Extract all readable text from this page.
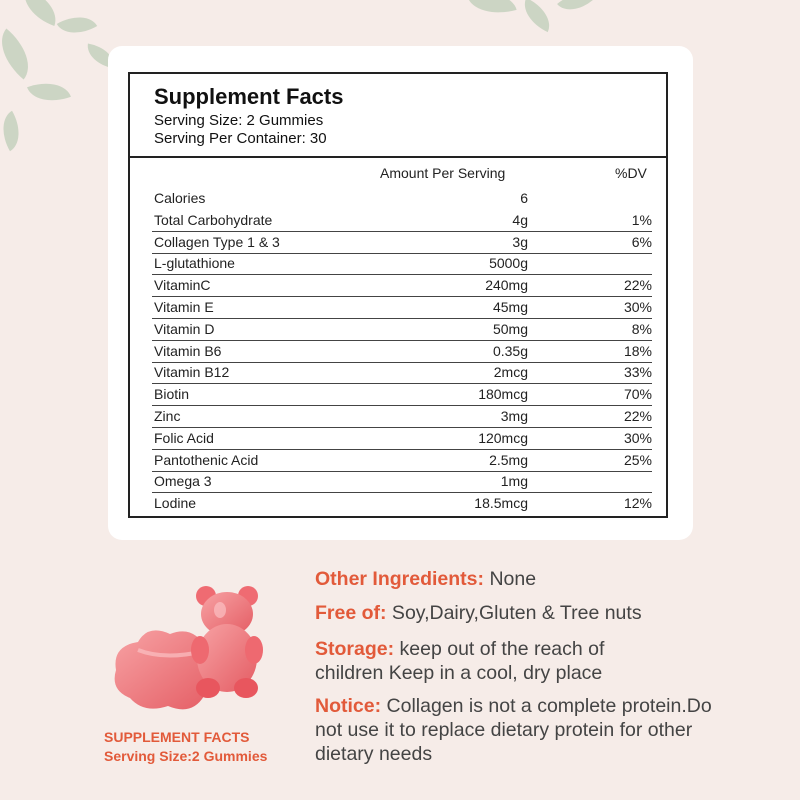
Supplement Facts
Serving Size: 2 Gummies
Serving Per Container: 30
Amount Per Serving	%DV
Calories	6
Total Carbohydrate	4g	1%
Collagen Type 1 & 3	3g	6%
L-glutathione	5000g
VitaminC	240mg	22%
Vitamin E	45mg	30%
Vitamin D	50mg	8%
Vitamin B6	0.35g	18%
Vitamin B12	2mcg	33%
Biotin	180mcg	70%
Zinc	3mg	22%
Folic Acid	120mcg	30%
Pantothenic Acid	2.5mg	25%
Omega 3	1mg
Lodine	18.5mcg	12%
SUPPLEMENT FACTS
Serving Size:2 Gummies
Other Ingredients: None
Free of: Soy,Dairy,Gluten & Tree nuts
Storage: keep out of the reach of children Keep in a cool, dry place
Notice: Collagen is not a complete protein.Do not use it to replace dietary protein for other dietary needs
